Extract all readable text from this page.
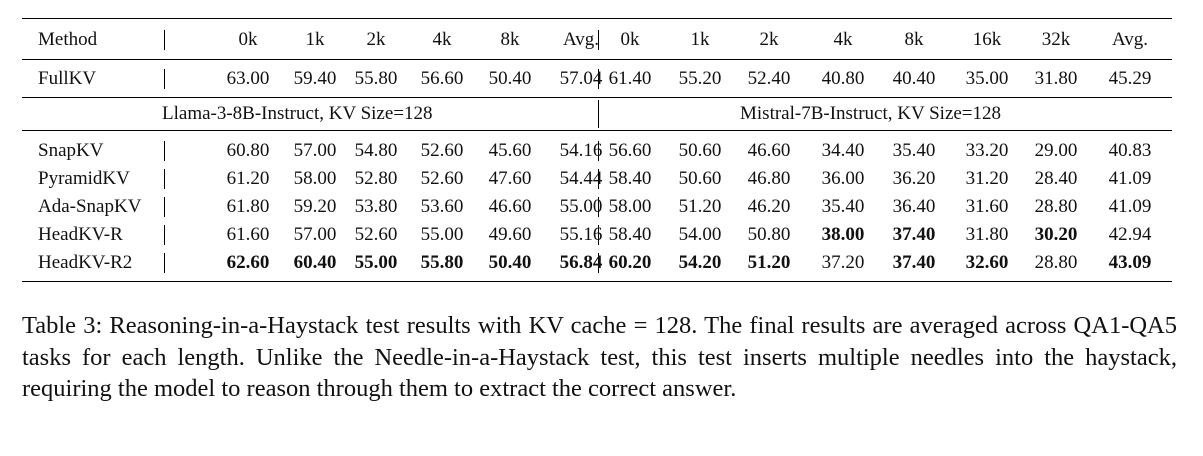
Method	0k	1k 2k 4k	8k Avg. 0k	1k	2k	4k	8k	16k 32k Avg.
FullKV	63.00 59.40 55.80 56.60 50.40 57.04 61.40 55.20 52.40 40.80 40.40 35.00 31.80 45.29
Llama-3-8B-Instruct, KV Size=128	Mistral-7B-Instruct, KV Size=128
SnapKV	60.80 57.00 54.80 52.60 45.60 54.16 56.60 50.60 46.60 34.40 35.40 33.20 29.00 40.83
PyramidKV	61.20 58.00 52.80 52.60 47.60 54.44 58.40 50.60 46.80 36.00 36.20 31.20 28.40 41.09
Ada-SnapKV	61.80 59.20 53.80 53.60 46.60 55.00 58.00 51.20 46.20 35.40 36.40 31.60 28.80 41.09
HeadKV-R	61.60 57.00 52.60 55.00 49.60 55.16 58.40 54.00 50.80 38.00 37.40 31.80 30.20 42.94
HeadKV-R2	62.60 60.40 55.00 55.80 50.40 56.84 60.20 54.20 51.20 37.20 37.40 32.60 28.80 43.09
Table 3: Reasoning-in-a-Haystack test results with KV cache = 128. The final results are averaged across QA1-QA5 tasks for each length. Unlike the Needle-in-a-Haystack test, this test inserts multiple needles into the haystack, requiring the model to reason through them to extract the correct answer.
